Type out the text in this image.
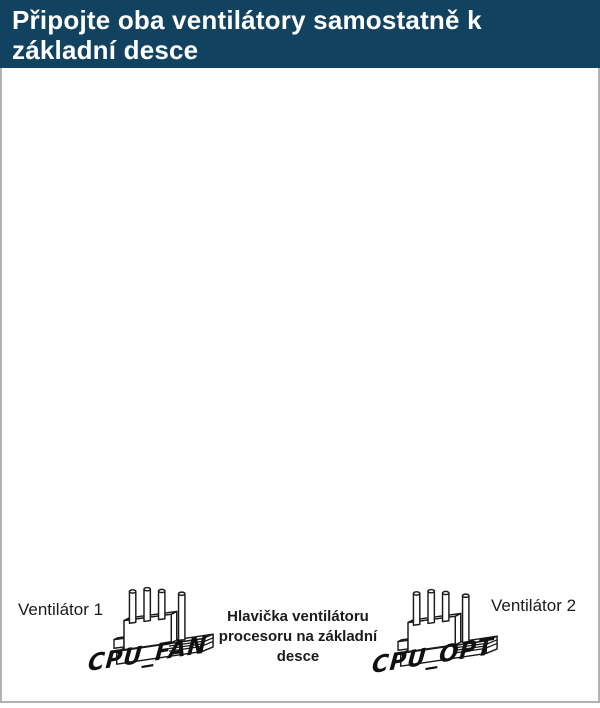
Připojte oba ventilátory samostatně k základní desce
Ventilátor 1
CPU_FAN
Hlavička ventilátoru procesoru na základní desce	CPU_OPT
Ventilátor 2
